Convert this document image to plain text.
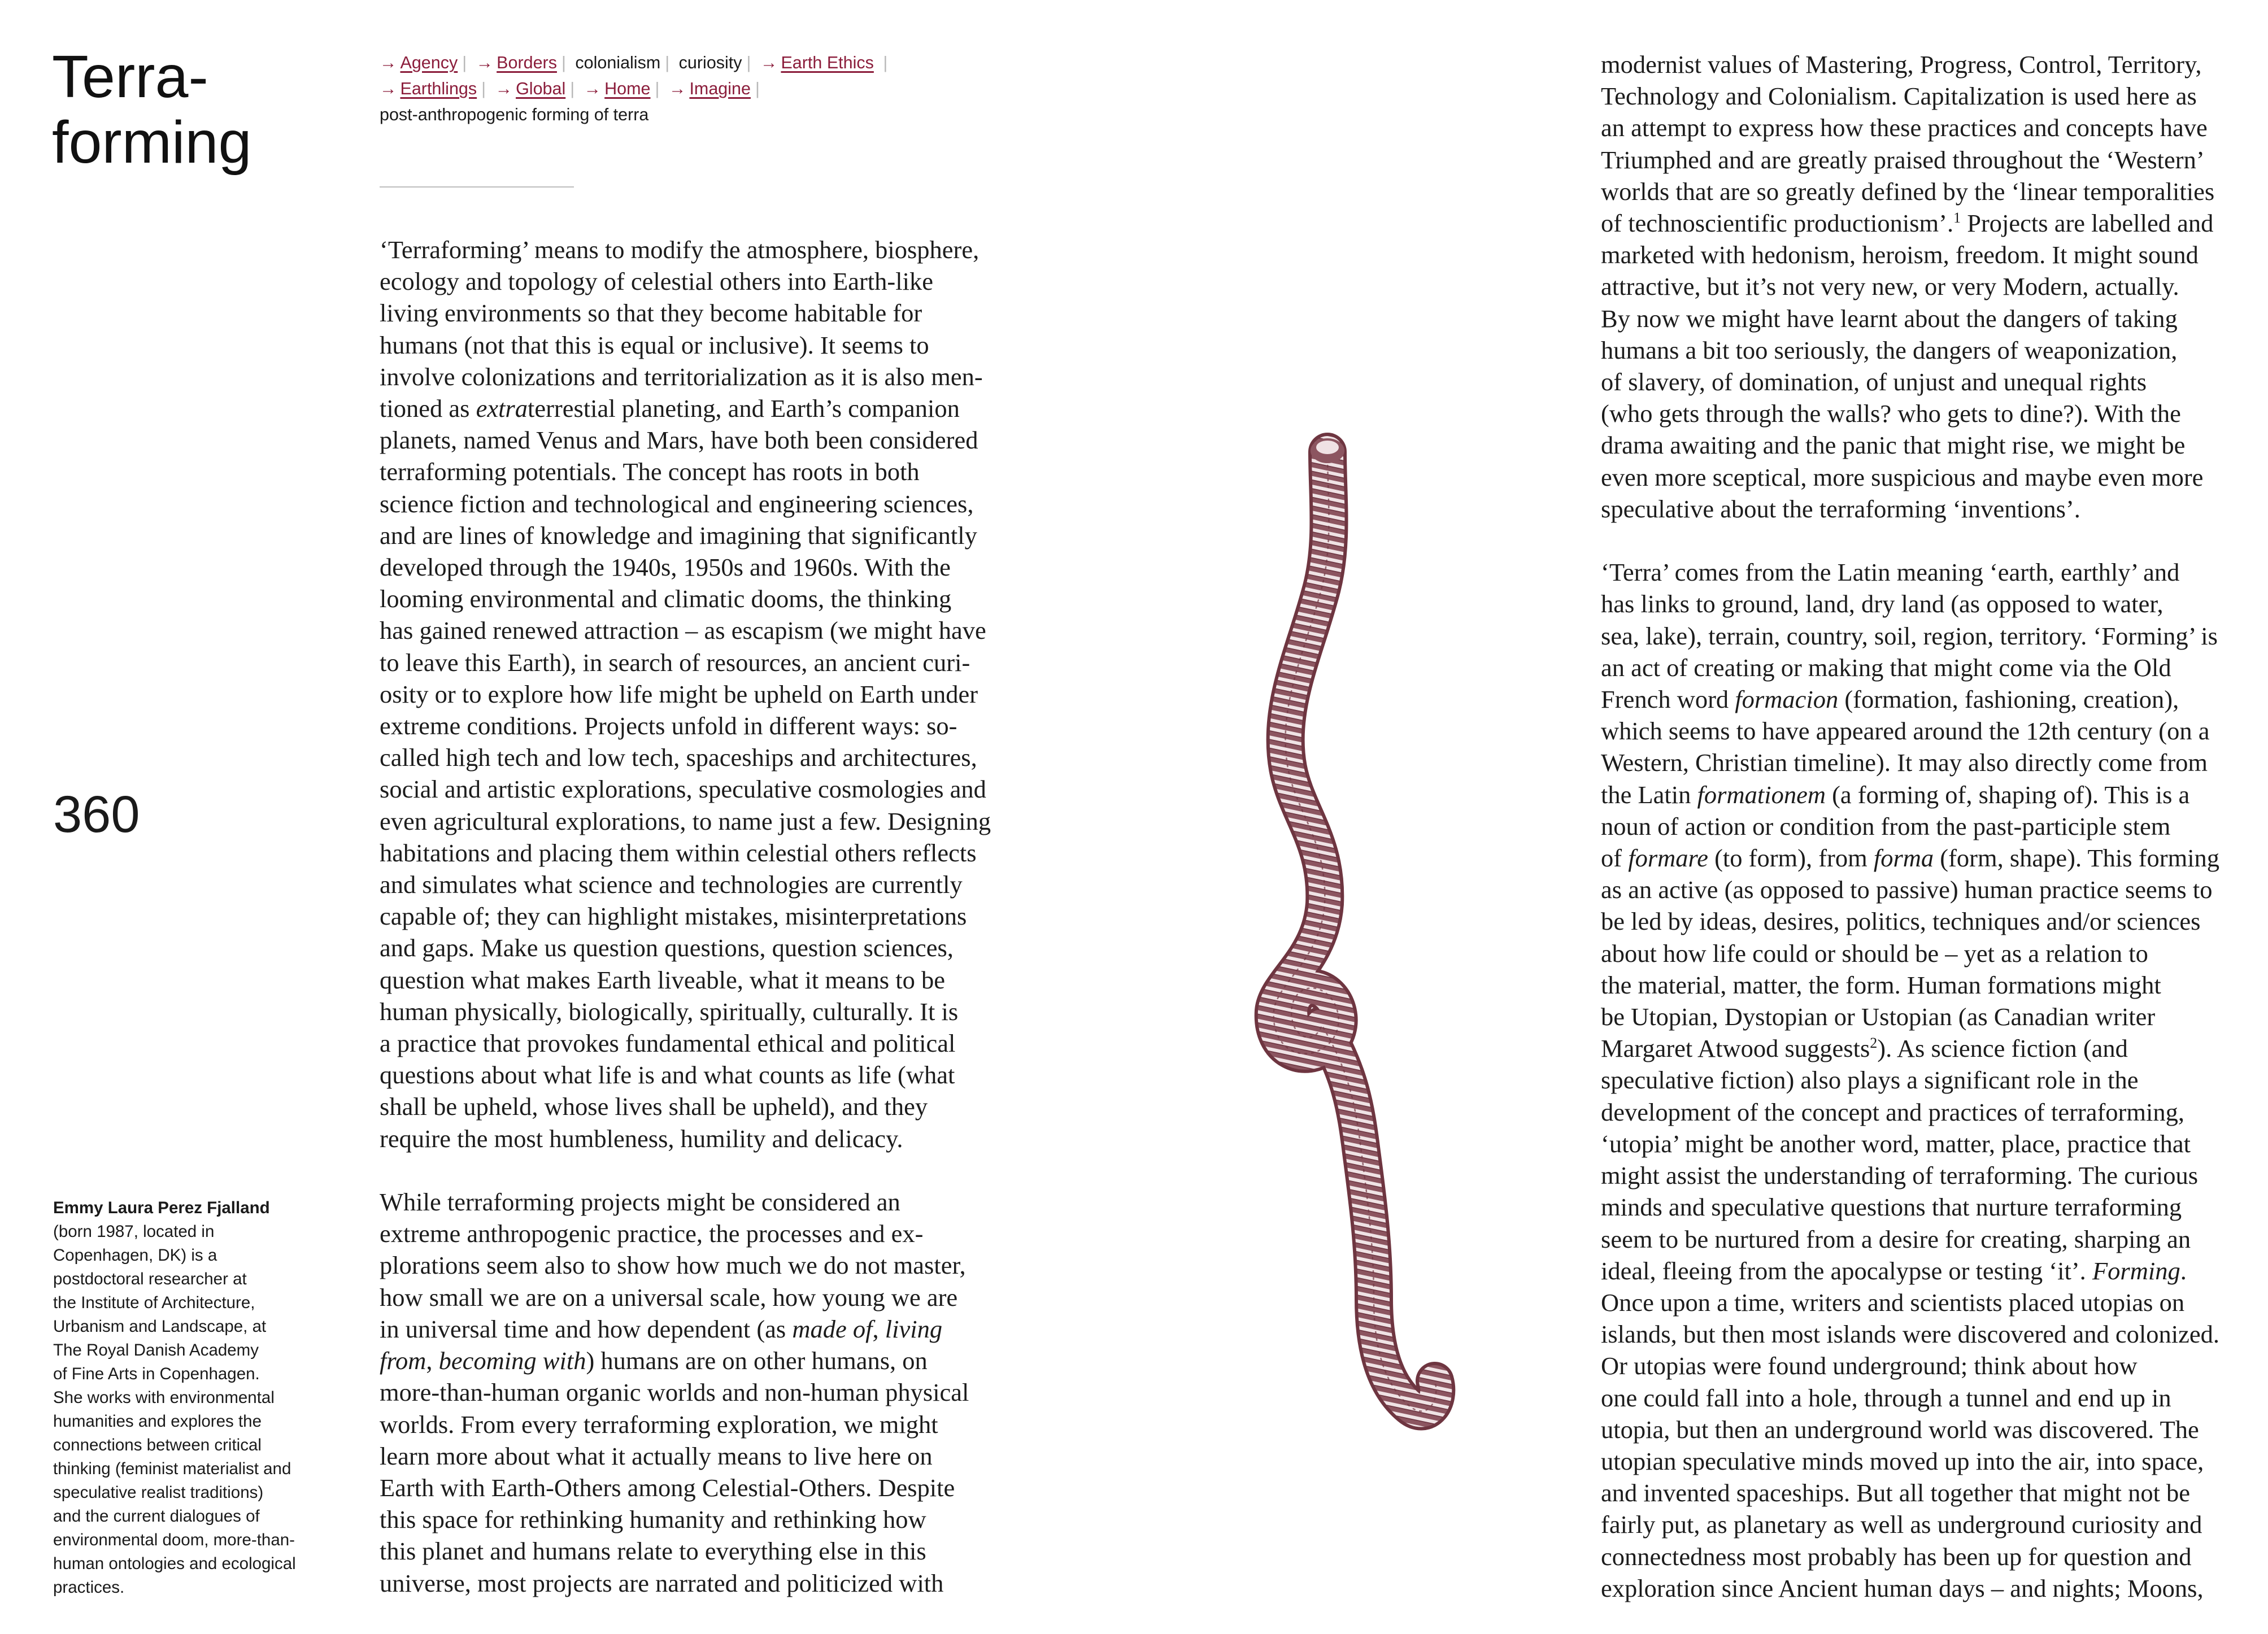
Terra-
forming
→ Agency | → Borders | colonialism | curiosity | → Earth Ethics |
→ Earthlings | → Global | → Home | → Imagine | post-anthropogenic forming of terra
360
Emmy Laura Perez Fjalland
(born 1987, located in
Copenhagen, DK) is a
postdoctoral researcher at
the Institute of Architecture,
Urbanism and Landscape, at
The Royal Danish Academy
of Fine Arts in Copenhagen.
She works with environmental
humanities and explores the
connections between critical
thinking (feminist materialist and
speculative realist traditions)
and the current dialogues of
environmental doom, more-than-
human ontologies and ecological
practices.

‘Terraforming’ means to modify the atmosphere, biosphere,
ecology and topology of celestial others into Earth-like
living environments so that they become habitable for
humans (not that this is equal or inclusive). It seems to
involve colonizations and territorialization as it is also men-
tioned as extraterrestial planeting, and Earth’s companion
planets, named Venus and Mars, have both been considered
terraforming potentials. The concept has roots in both
science fiction and technological and engineering sciences,
and are lines of knowledge and imagining that significantly
developed through the 1940s, 1950s and 1960s. With the
looming environmental and climatic dooms, the thinking
has gained renewed attraction – as escapism (we might have
to leave this Earth), in search of resources, an ancient curi-
osity or to explore how life might be upheld on Earth under
extreme conditions. Projects unfold in different ways: so-
called high tech and low tech, spaceships and architectures,
social and artistic explorations, speculative cosmologies and
even agricultural explorations, to name just a few. Designing
habitations and placing them within celestial others reflects
and simulates what science and technologies are currently
capable of; they can highlight mistakes, misinterpretations
and gaps. Make us question questions, question sciences,
question what makes Earth liveable, what it means to be
human physically, biologically, spiritually, culturally. It is
a practice that provokes fundamental ethical and political
questions about what life is and what counts as life (what
shall be upheld, whose lives shall be upheld), and they
require the most humbleness, humility and delicacy.

While terraforming projects might be considered an
extreme anthropogenic practice, the processes and ex-
plorations seem also to show how much we do not master,
how small we are on a universal scale, how young we are
in universal time and how dependent (as made of, living
from, becoming with) humans are on other humans, on
more-than-human organic worlds and non-human physical
worlds. From every terraforming exploration, we might
learn more about what it actually means to live here on
Earth with Earth-Others among Celestial-Others. Despite
this space for rethinking humanity and rethinking how
this planet and humans relate to everything else in this
universe, most projects are narrated and politicized with

modernist values of Mastering, Progress, Control, Territory,
Technology and Colonialism. Capitalization is used here as
an attempt to express how these practices and concepts have
Triumphed and are greatly praised throughout the ‘Western’
worlds that are so greatly defined by the ‘linear temporalities
of technoscientific productionism’.$^1$ Projects are labelled and
marketed with hedonism, heroism, freedom. It might sound
attractive, but it’s not very new, or very Modern, actually.
By now we might have learnt about the dangers of taking
humans a bit too seriously, the dangers of weaponization,
of slavery, of domination, of unjust and unequal rights
(who gets through the walls? who gets to dine?). With the
drama awaiting and the panic that might rise, we might be
even more sceptical, more suspicious and maybe even more
speculative about the terraforming ‘inventions’.

‘Terra’ comes from the Latin meaning ‘earth, earthly’ and
has links to ground, land, dry land (as opposed to water,
sea, lake), terrain, country, soil, region, territory. ‘Forming’ is
an act of creating or making that might come via the Old
French word formacion (formation, fashioning, creation),
which seems to have appeared around the 12th century (on a
Western, Christian timeline). It may also directly come from
the Latin formationem (a forming of, shaping of). This is a
noun of action or condition from the past-participle stem
of formare (to form), from forma (form, shape). This forming
as an active (as opposed to passive) human practice seems to
be led by ideas, desires, politics, techniques and/or sciences
about how life could or should be – yet as a relation to
the material, matter, the form. Human formations might
be Utopian, Dystopian or Ustopian (as Canadian writer
Margaret Atwood suggests$^2$). As science fiction (and
speculative fiction) also plays a significant role in the
development of the concept and practices of terraforming,
‘utopia’ might be another word, matter, place, practice that
might assist the understanding of terraforming. The curious
minds and speculative questions that nurture terraforming
seem to be nurtured from a desire for creating, sharping an
ideal, fleeing from the apocalypse or testing ‘it’. Forming.
Once upon a time, writers and scientists placed utopias on
islands, but then most islands were discovered and colonized.
Or utopias were found underground; think about how
one could fall into a hole, through a tunnel and end up in
utopia, but then an underground world was discovered. The
utopian speculative minds moved up into the air, into space,
and invented spaceships. But all together that might not be
fairly put, as planetary as well as underground curiosity and
connectedness most probably has been up for question and
exploration since Ancient human days – and nights; Moons,
